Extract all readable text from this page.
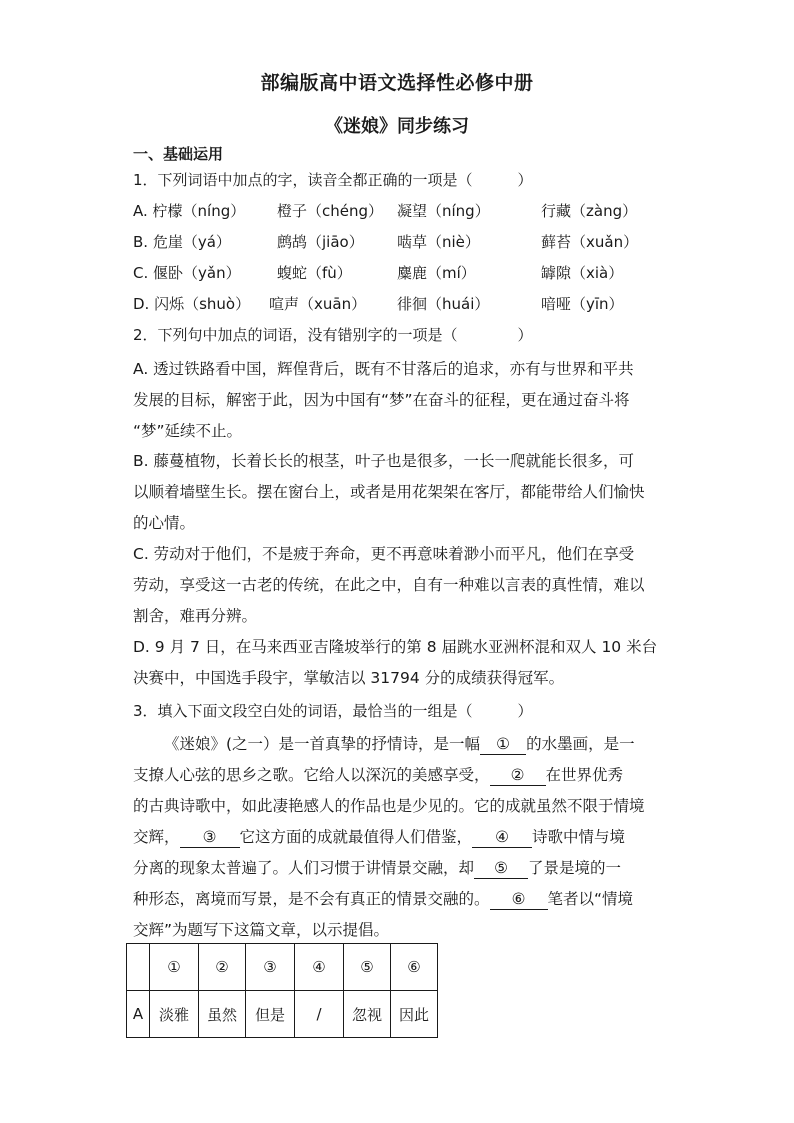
部编版高中语文选择性必修中册
《迷娘》同步练习
一、基础运用
1．下列词语中加点的字，读音全都正确的一项是（　　　）
A. 柠檬（níng） 橙子（chéng） 凝望（níng）	行藏（zàng）
B. 危崖（yá）	鹧鸪（jiāo） 啮草（niè）	藓苔（xuǎn）
C. 偃卧（yǎn） 蝮蛇（fù）	麋鹿（mí）	罅隙（xià）
D. 闪烁（shuò） 喧声（xuān） 徘徊（huái）	喑哑（yīn）
2．下列句中加点的词语，没有错别字的一项是（　　　　）
A. 透过铁路看中国，辉偟背后，既有不甘落后的追求，亦有与世界和平共
发展的目标，解密于此，因为中国有“梦”在奋斗的征程，更在通过奋斗将
“梦”延续不止。
B. 藤蔓植物，长着长长的根茎，叶子也是很多，一长一爬就能长很多，可
以顺着墙壁生长。摆在窗台上，或者是用花架架在客厅，都能带给人们愉快
的心情。
C. 劳动对于他们，不是疲于奔命，更不再意味着渺小而平凡，他们在享受
劳动，享受这一古老的传统，在此之中，自有一种难以言表的真性情，难以
割舍，难再分辨。
D. 9 月 7 日，在马来西亚吉隆坡举行的第 8 届跳水亚洲杯混和双人 10 米台
决赛中，中国选手段宇，掌敏洁以 31794 分的成绩获得冠军。
3．填入下面文段空白处的词语，最恰当的一组是（　　　）
《迷娘》(之一）是一首真挚的抒情诗，是一幅 ① 的水墨画，是一
支撩人心弦的思乡之歌。它给人以深沉的美感享受， ② 在世界优秀
的古典诗歌中，如此凄艳感人的作品也是少见的。它的成就虽然不限于情境
交辉， ③ 它这方面的成就最值得人们借鉴， ④ 诗歌中情与境
分离的现象太普遍了。人们习惯于讲情景交融，却 ⑤ 了景是境的一
种形态，离境而写景，是不会有真正的情景交融的。 ⑥ 笔者以“情境
交辉”为题写下这篇文章，以示提倡。
	①	②	③	④	⑤	⑥
A	淡雅	虽然	但是	/	忽视	因此
